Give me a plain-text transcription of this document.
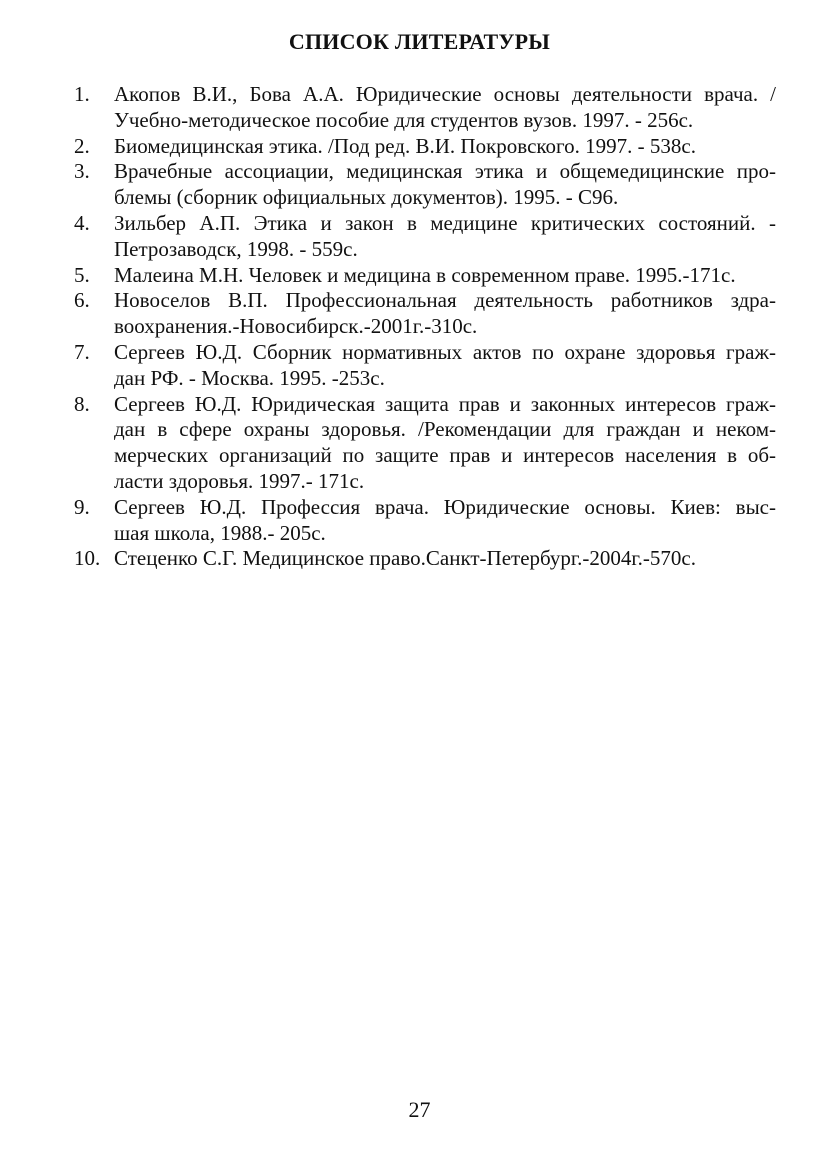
СПИСОК ЛИТЕРАТУРЫ
1.	Акопов В.И., Бова А.А. Юридические основы деятельности врача. /
Учебно-методическое пособие для студентов вузов. 1997. - 256с.
2.	Биомедицинская этика. /Под ред. В.И. Покровского. 1997. - 538с.
3.	Врачебные ассоциации, медицинская этика и общемедицинские про-
блемы (сборник официальных документов). 1995. - С96.
4.	Зильбер А.П. Этика и закон в медицине критических состояний. -
Петрозаводск, 1998. - 559с.
5.	Малеина М.Н. Человек и медицина в современном праве. 1995.-171с.
6.	Новоселов В.П. Профессиональная деятельность работников здра-
воохранения.-Новосибирск.-2001г.-310с.
7.	Сергеев Ю.Д. Сборник нормативных актов по охране здоровья граж-
дан РФ. - Москва. 1995. -253с.
8.	Сергеев Ю.Д. Юридическая защита прав и законных интересов граж-
дан в сфере охраны здоровья. /Рекомендации для граждан и неком-
мерческих организаций по защите прав и интересов населения в об-
ласти здоровья. 1997.- 171с.
9.	Сергеев Ю.Д. Профессия врача. Юридические основы. Киев: выс-
шая школа, 1988.- 205с.
10. Стеценко С.Г. Медицинское право.Санкт-Петербург.-2004г.-570с.
27
